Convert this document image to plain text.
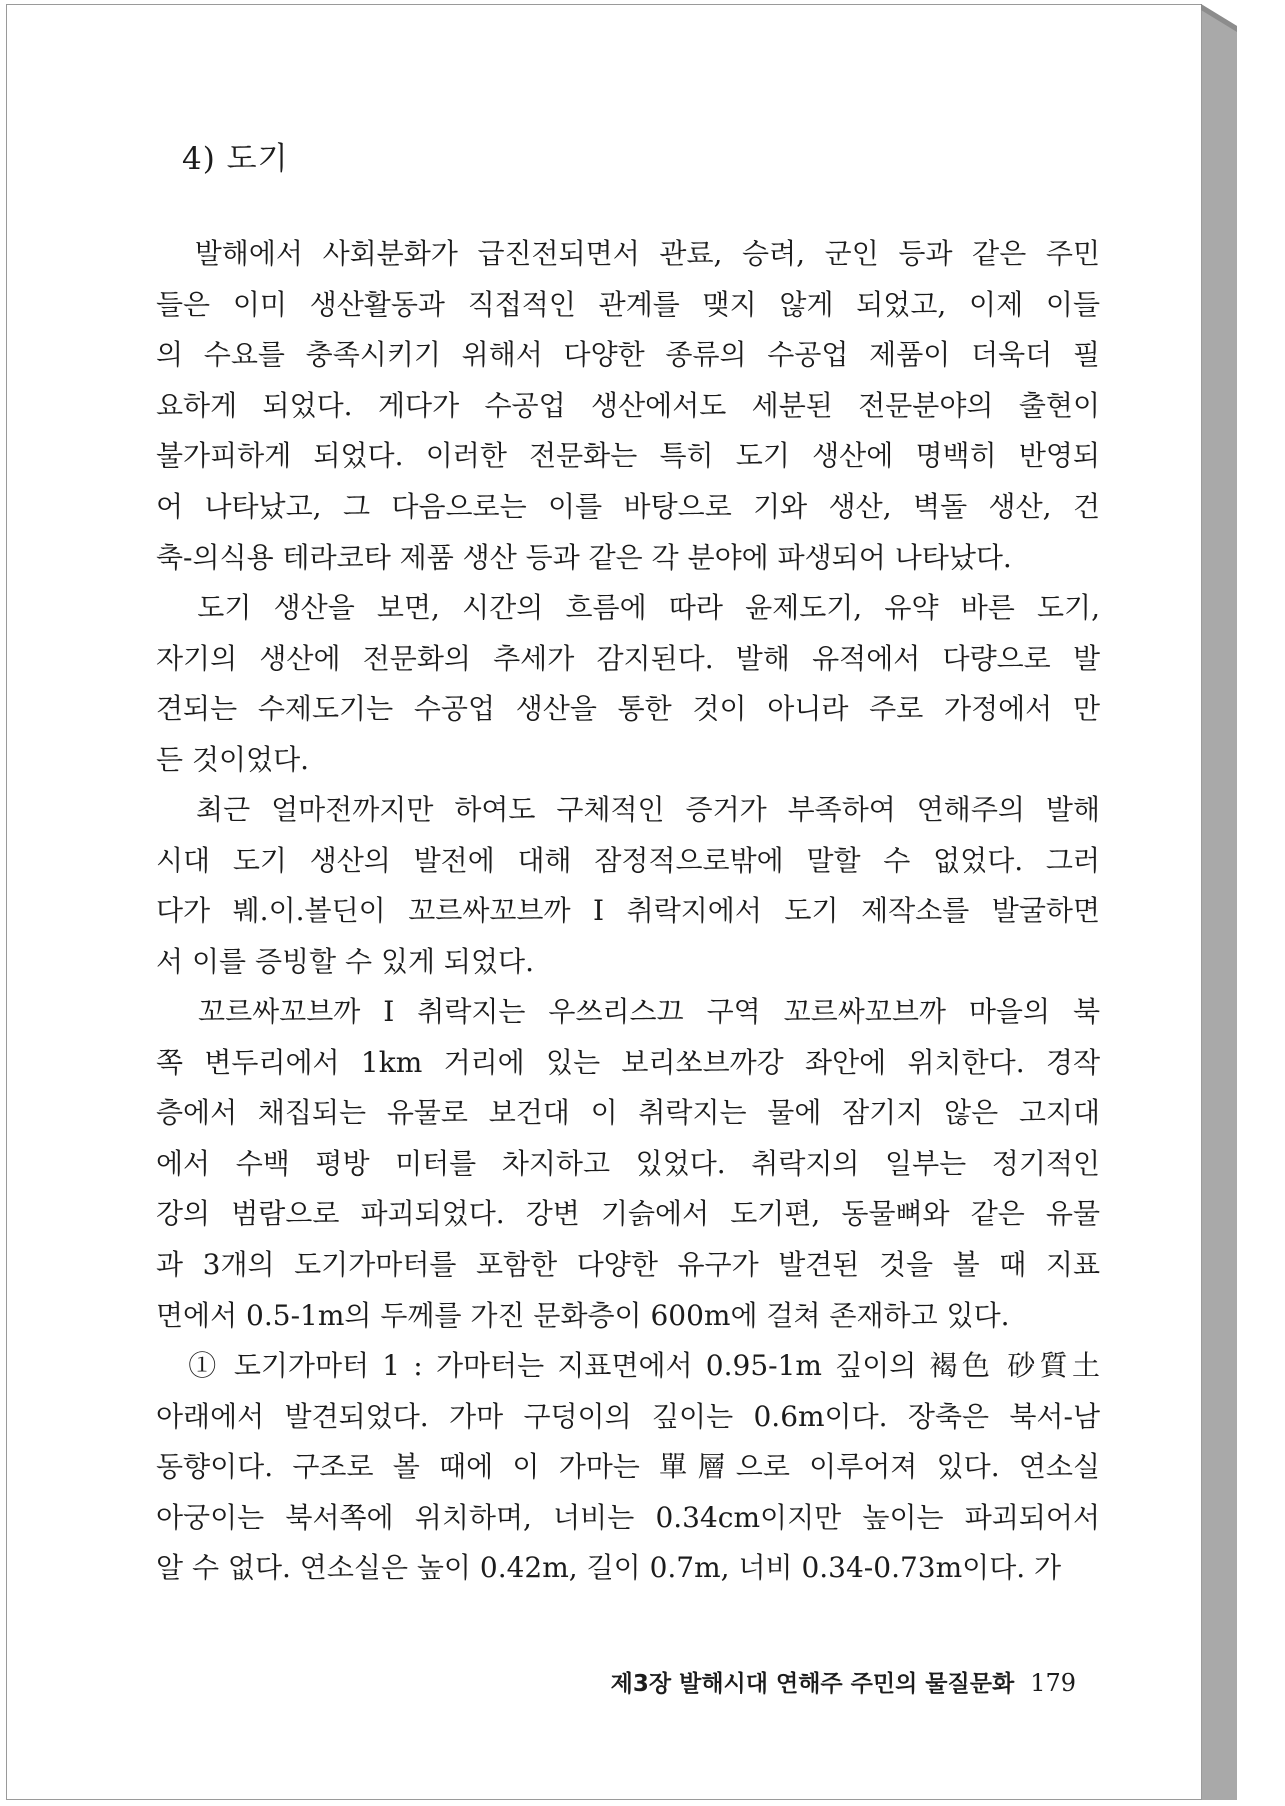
4) 도기
　발해에서 사회분화가 급진전되면서 관료, 승려, 군인 등과 같은 주민
들은 이미 생산활동과 직접적인 관계를 맺지 않게 되었고, 이제 이들
의 수요를 충족시키기 위해서 다양한 종류의 수공업 제품이 더욱더 필
요하게 되었다. 게다가 수공업 생산에서도 세분된 전문분야의 출현이
불가피하게 되었다. 이러한 전문화는 특히 도기 생산에 명백히 반영되
어 나타났고, 그 다음으로는 이를 바탕으로 기와 생산, 벽돌 생산, 건
축-의식용 테라코타 제품 생산 등과 같은 각 분야에 파생되어 나타났다.
　도기 생산을 보면, 시간의 흐름에 따라 윤제도기, 유약 바른 도기,
자기의 생산에 전문화의 추세가 감지된다. 발해 유적에서 다량으로 발
견되는 수제도기는 수공업 생산을 통한 것이 아니라 주로 가정에서 만
든 것이었다.
　최근 얼마전까지만 하여도 구체적인 증거가 부족하여 연해주의 발해
시대 도기 생산의 발전에 대해 잠정적으로밖에 말할 수 없었다. 그러
다가 붸.이.볼딘이 꼬르싸꼬브까 I 취락지에서 도기 제작소를 발굴하면
서 이를 증빙할 수 있게 되었다.
　꼬르싸꼬브까 I 취락지는 우쓰리스끄 구역 꼬르싸꼬브까 마을의 북
쪽 변두리에서 1km 거리에 있는 보리쏘브까강 좌안에 위치한다. 경작
층에서 채집되는 유물로 보건대 이 취락지는 물에 잠기지 않은 고지대
에서 수백 평방 미터를 차지하고 있었다. 취락지의 일부는 정기적인
강의 범람으로 파괴되었다. 강변 기슭에서 도기편, 동물뼈와 같은 유물
과 3개의 도기가마터를 포함한 다양한 유구가 발견된 것을 볼 때 지표
면에서 0.5-1m의 두께를 가진 문화층이 600m에 걸쳐 존재하고 있다.
　① 도기가마터 1 : 가마터는 지표면에서 0.95-1m 깊이의 褐色 砂質土
아래에서 발견되었다. 가마 구덩이의 깊이는 0.6m이다. 장축은 북서-남
동향이다. 구조로 볼 때에 이 가마는 單層으로 이루어져 있다. 연소실
아궁이는 북서쪽에 위치하며, 너비는 0.34cm이지만 높이는 파괴되어서
알 수 없다. 연소실은 높이 0.42m, 길이 0.7m, 너비 0.34-0.73m이다. 가
제3장 발해시대 연해주 주민의 물질문화 179
